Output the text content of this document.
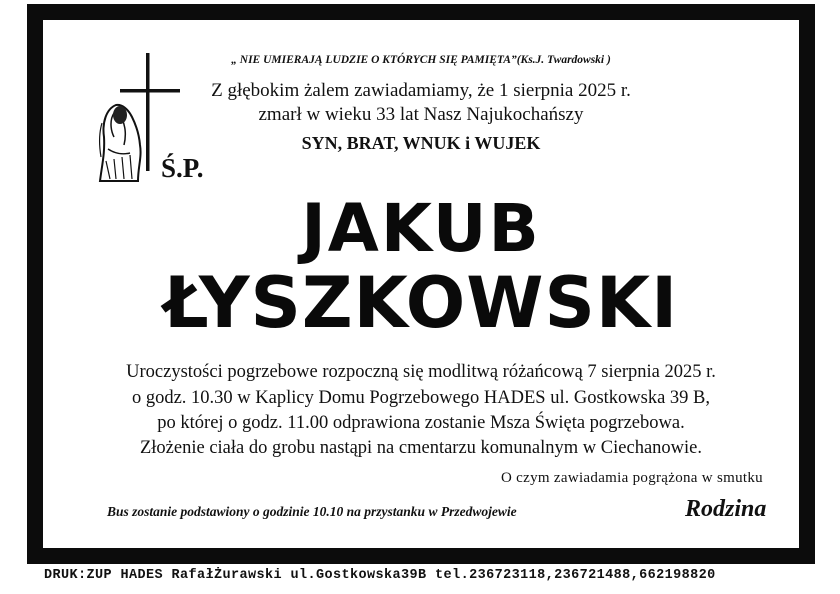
„ NIE UMIERAJĄ LUDZIE O KTÓRYCH SIĘ PAMIĘTA”(Ks.J. Twardowski )
Ś.P.
Z głębokim żalem zawiadamiamy, że 1 sierpnia 2025 r.
zmarł w wieku 33 lat Nasz Najukochańszy
SYN, BRAT, WNUK i WUJEK
JAKUB
ŁYSZKOWSKI
Uroczystości pogrzebowe rozpoczną się modlitwą różańcową 7 sierpnia 2025 r.
o godz. 10.30 w Kaplicy Domu Pogrzebowego HADES ul. Gostkowska 39 B,
po której o godz. 11.00 odprawiona zostanie Msza Święta pogrzebowa.
Złożenie ciała do grobu nastąpi na cmentarzu komunalnym w Ciechanowie.
O czym zawiadamia pogrążona w smutku
Bus zostanie podstawiony o godzinie 10.10 na przystanku w Przedwojewie	Rodzina
DRUK:ZUP HADES RafałŻurawski ul.Gostkowska39B tel.236723118,236721488,662198820
